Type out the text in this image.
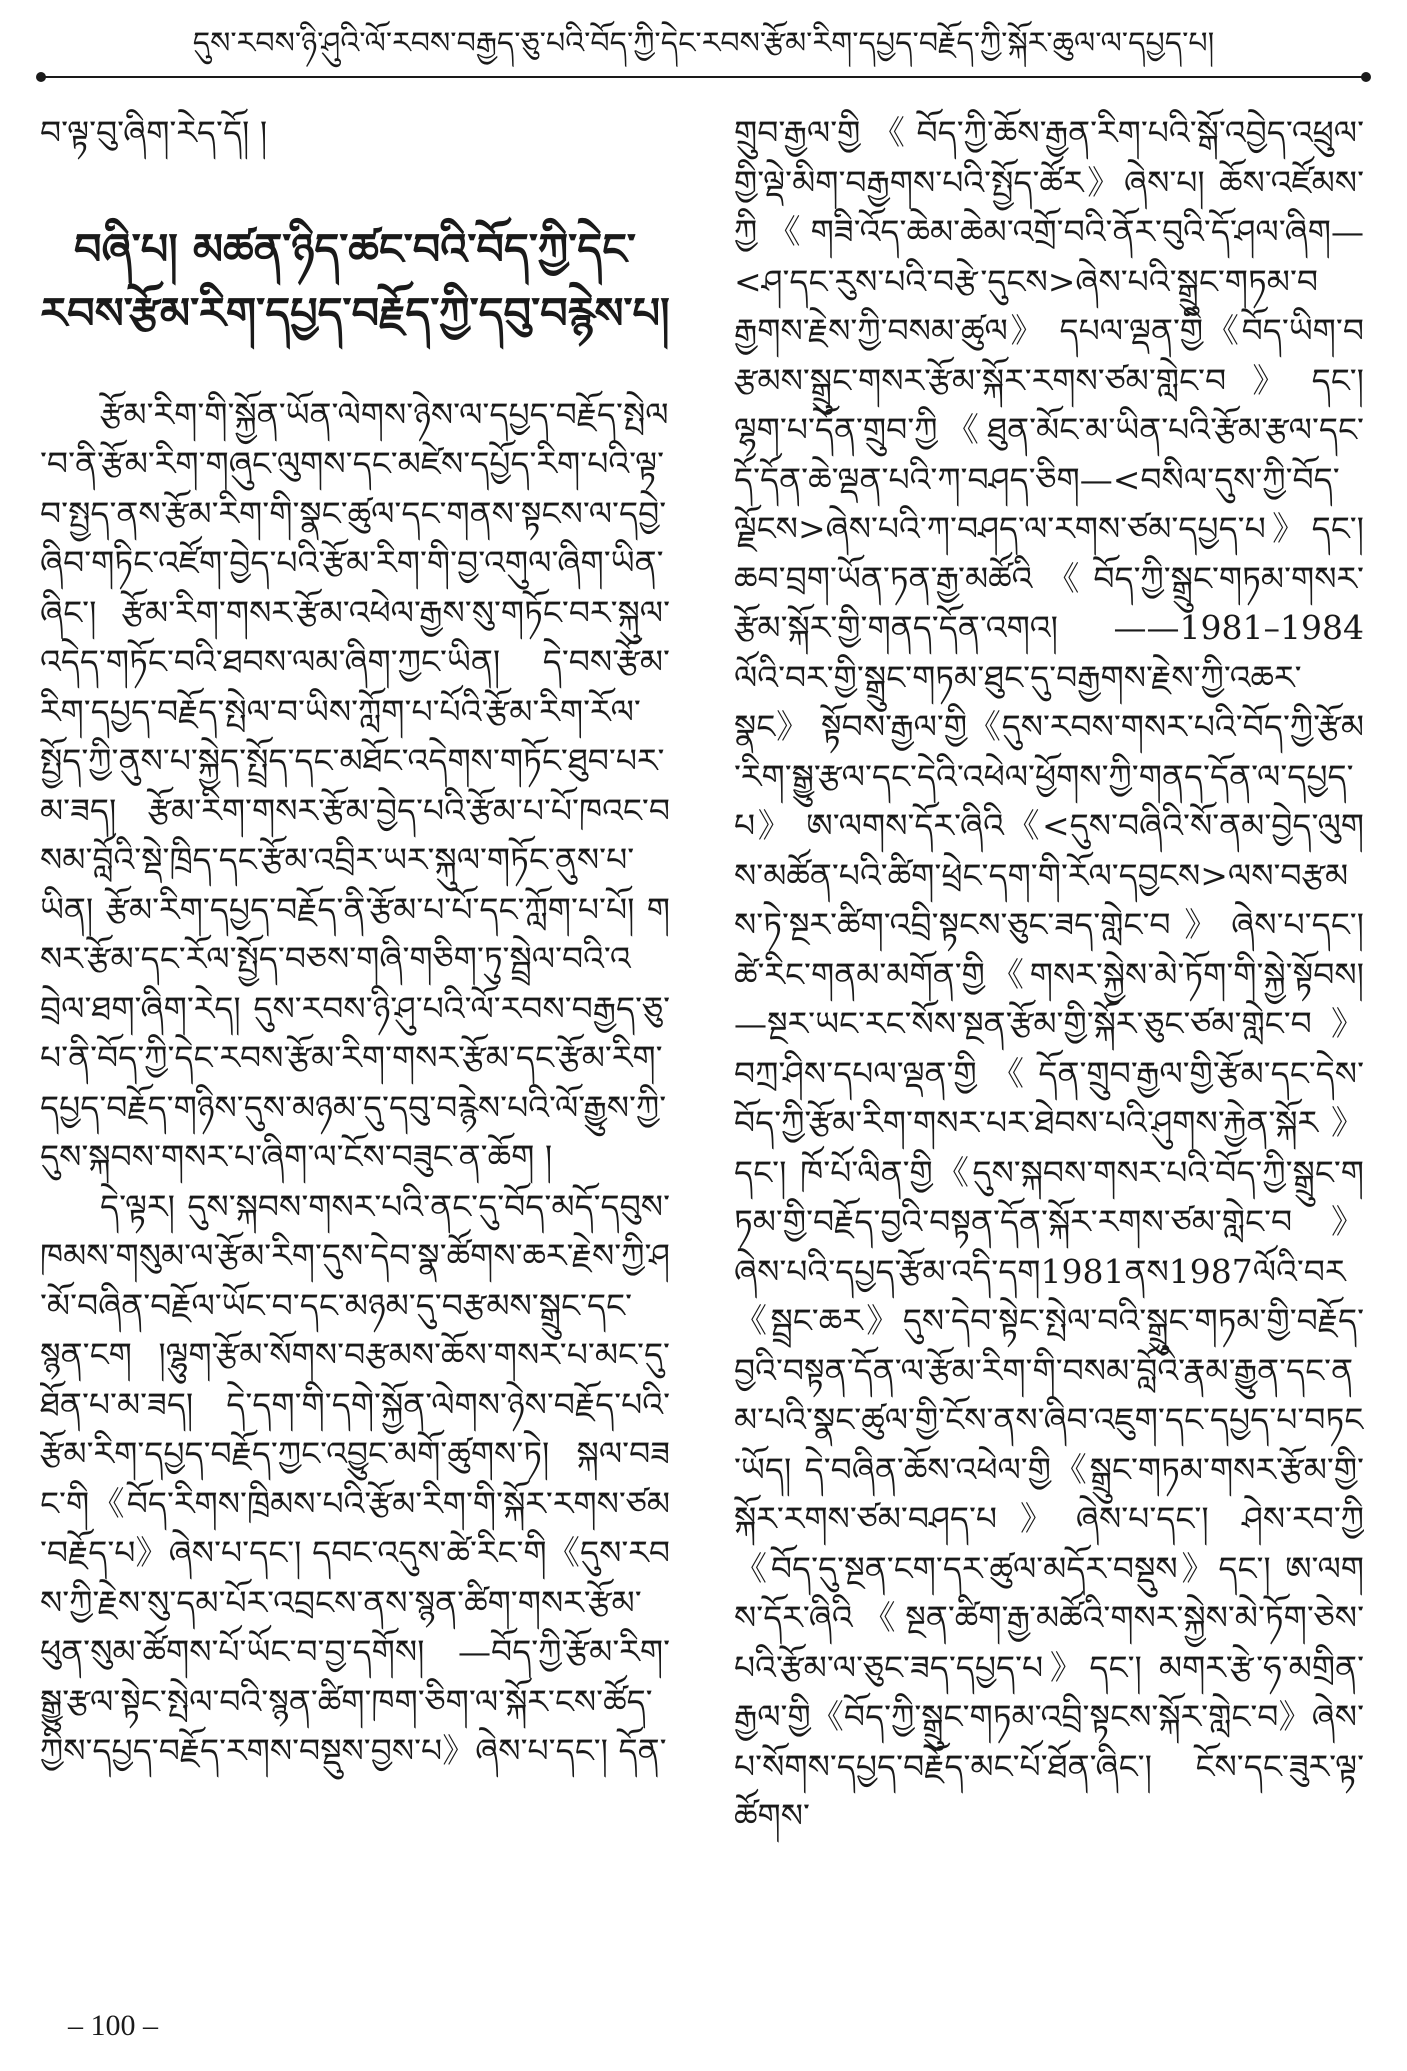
དུས་རབས་ཉི་ཤུའི་ལོ་རབས་བརྒྱད་ཅུ་པའི་བོད་ཀྱི་དེང་རབས་རྩོམ་རིག་དཔྱད་བརྗོད་ཀྱི་སྐོར་ཆུལ་ལ་དཔྱད་པ།

བ་ལྟ་བུ་ཞིག་རེད་དོ། །

བཞི་པ། མཚན་ཉིད་ཚང་བའི་བོད་ཀྱི་དེང་རབས་རྩོམ་རིག་དཔྱད་བརྗོད་ཀྱི་དབུ་བརྙེས་པ།

རྩོམ་རིག་གི་སྐྱོན་ཡོན་ལེགས་ཉེས་ལ་དཔྱད་བརྗོད་སྤེལ་བ་ནི་རྩོམ་རིག་གཞུང་ལུགས་དང་མཛེས་དཔྱོད་རིག་པའི་ལྟ་བ་སྤྱད་ནས་རྩོམ་རིག་གི་སྣང་ཚུལ་དང་གནས་སྟངས་ལ་དབྱེ་ཞིབ་གཏིང་འཛོག་བྱེད་པའི་རྩོམ་རིག་གི་བྱ་འགུལ་ཞིག་ཡིན་ཞིང་། རྩོམ་རིག་གསར་རྩོམ་འཕེལ་རྒྱས་སུ་གཏོང་བར་སྐུལ་འདེད་གཏོང་བའི་ཐབས་ལམ་ཞིག་ཀྱང་ཡིན། དེ་བས་རྩོམ་རིག་དཔྱད་བརྗོད་སྤེལ་བ་ཡིས་ཀློག་པ་པོའི་རྩོམ་རིག་རོལ་སྤྱོད་ཀྱི་ནུས་པ་སྐྱེད་སྤྲོད་དང་མཐོང་འདེགས་གཏོང་ཐུབ་པར་མ་ཟད། རྩོམ་རིག་གསར་རྩོམ་བྱེད་པའི་རྩོམ་པ་པོ་ཁའང་བསམ་བློའི་སྡེ་ཁྲིད་དང་རྩོམ་འབྲིར་ཡར་སྐུལ་གཏོང་ནུས་པ་ཡིན། རྩོམ་རིག་དཔྱད་བརྗོད་ནི་རྩོམ་པ་པོ་དང་ཀློག་པ་པོ། གསར་རྩོམ་དང་རོལ་སྤྱོད་བཅས་གཞི་གཅིག་ཏུ་སྦྲེལ་བའི་འབྲེལ་ཐག་ཞིག་རེད། དུས་རབས་ཉི་ཤུ་པའི་ལོ་རབས་བརྒྱད་ཅུ་པ་ནི་བོད་ཀྱི་དེང་རབས་རྩོམ་རིག་གསར་རྩོམ་དང་རྩོམ་རིག་དཔྱད་བརྗོད་གཉིས་དུས་མཉམ་དུ་དབུ་བརྙེས་པའི་ལོ་རྒྱུས་ཀྱི་དུས་སྐབས་གསར་པ་ཞིག་ལ་ངོས་བཟུང་ན་ཆོག །

དེ་ལྟར། དུས་སྐབས་གསར་པའི་ནང་དུ་བོད་མདོ་དབུས་ཁམས་གསུམ་ལ་རྩོམ་རིག་དུས་དེབ་སྣ་ཚོགས་ཆར་རྗེས་ཀྱི་ཤ་མོ་བཞིན་བརྗོལ་ཡོང་བ་དང་མཉམ་དུ་བརྩམས་སྒྲུང་དང་སྙན་ངག །ལྷུག་རྩོམ་སོགས་བརྩམས་ཆོས་གསར་པ་མང་དུ་ཐོན་པ་མ་ཟད། དེ་དག་གི་དགེ་སྐྱོན་ལེགས་ཉེས་བརྗོད་པའི་རྩོམ་རིག་དཔྱད་བརྗོད་ཀྱང་འབྱུང་མགོ་ཚུགས་ཏེ། སྐལ་བཟང་གི《བོད་རིགས་ཁྲིམས་པའི་རྩོམ་རིག་གི་སྐོར་རགས་ཙམ་བརྗོད་པ》ཞེས་པ་དང་། དབང་འདུས་ཚེ་རིང་གི《དུས་རབས་ཀྱི་རྗེས་སུ་དམ་པོར་འབྲངས་ནས་སྙན་ཚིག་གསར་རྩོམ་ཕུན་སུམ་ཚོགས་པོ་ཡོང་བ་བྱ་དགོས། —བོད་ཀྱི་རྩོམ་རིག་སྒྱུ་རྩལ་སྟེང་སྤེལ་བའི་སྙན་ཚིག་ཁག་ཅིག་ལ་སྐོར་ངས་ཚོད་ཀྱིས་དཔྱད་བརྗོད་རགས་བསྡུས་བྱས་པ》ཞེས་པ་དང་། དོན་

གྲུབ་རྒྱལ་གྱི《བོད་ཀྱི་ཆོས་རྒྱན་རིག་པའི་སྒོ་འབྱེད་འཕྲུལ་གྱི་ལྡེ་མིག་བརྒྱགས་པའི་སྤྱོད་ཚོར》ཞེས་པ། ཆོས་འཛོམས་ཀྱི《གཟི་འོད་ཆེམ་ཆེམ་འགྲོ་བའི་ནོར་བུའི་དོ་ཤལ་ཞིག—<ཤ་དང་རུས་པའི་བརྩེ་དུངས>ཞེས་པའི་སྒྲུང་གཏམ་བརྒྱགས་རྗེས་ཀྱི་བསམ་ཚུལ》 དཔལ་ལྡན་གྱི《བོད་ཡིག་བརྩམས་སྒྲུང་གསར་རྩོམ་སྐོར་རགས་ཙམ་གླེང་བ》དང་། ལྷག་པ་དོན་གྲུབ་ཀྱི《ཐུན་མོང་མ་ཡིན་པའི་རྩོམ་རྩལ་དང་དོ་དོན་ཆེ་ལྡན་པའི་ཀ་བཤད་ཅིག—<བསིལ་དུས་ཀྱི་བོད་ལྗོངས>ཞེས་པའི་ཀ་བཤད་ལ་རགས་ཙམ་དཔྱད་པ》དང་། ཆབ་བྲག་ཡོན་ཏན་རྒྱ་མཚོའི《བོད་ཀྱི་སྒྲུང་གཏམ་གསར་རྩོམ་སྐོར་གྱི་གནད་དོན་འགའ། ——1981–1984ལོའི་བར་གྱི་སྒྲུང་གཏམ་ཐུང་དུ་བརྒྱགས་རྗེས་ཀྱི་འཆར་སྣང》 སྟོབས་རྒྱལ་གྱི《དུས་རབས་གསར་པའི་བོད་ཀྱི་རྩོམ་རིག་སྒྱུ་རྩལ་དང་དེའི་འཕེལ་ཕྱོགས་ཀྱི་གནད་དོན་ལ་དཔྱད་པ》 ཨ་ལགས་དོར་ཞིའི《<དུས་བཞིའི་སོ་ནམ་བྱེད་ལུགས་མཚོན་པའི་ཚིག་ཕྲེང་དག་གི་རོལ་དབྱངས>ལས་བརྩམས་ཏེ་སྔར་ཚིག་འབྲི་སྟངས་ཅུང་ཟད་གླེང་བ》ཞེས་པ་དང་། ཚེ་རིང་གནམ་མགོན་གྱི《གསར་སྐྱེས་མེ་ཏོག་གི་སྐྱེ་སྟོབས། —སྔར་ཡང་རང་སོས་སྔན་རྩོམ་གྱི་སྐོར་ཅུང་ཙམ་གླེང་བ》 བཀྲ་ཤིས་དཔལ་ལྡན་གྱི《དོན་གྲུབ་རྒྱལ་གྱི་རྩོམ་དང་དེས་བོད་ཀྱི་རྩོམ་རིག་གསར་པར་ཐེབས་པའི་ཤུགས་རྐྱེན་སྐོར》དང་། ཁོ་པོ་ལིན་གྱི《དུས་སྐབས་གསར་པའི་བོད་ཀྱི་སྒྲུང་གཏམ་གྱི་བརྗོད་བྱའི་བསྟན་དོན་སྐོར་རགས་ཙམ་གླེང་བ》ཞེས་པའི་དཔྱད་རྩོམ་འདི་དག1981ནས1987ལོའི་བར《སྦྲང་ཆར》དུས་དེབ་སྟེང་སྤེལ་བའི་སྒྲུང་གཏམ་གྱི་བརྗོད་བྱའི་བསྟན་དོན་ལ་རྩོམ་རིག་གི་བསམ་བློའི་རྣམ་རྒྱུན་དང་ནམ་པའི་སྣང་ཚུལ་གྱི་ངོས་ནས་ཞིབ་འཇུག་དང་དཔྱད་པ་བཏང་ཡོད། དེ་བཞིན་ཆོས་འཕེལ་གྱི《སྒྲུང་གཏམ་གསར་རྩོམ་གྱི་སྐོར་རགས་ཙམ་བཤད་པ》ཞེས་པ་དང་། ཤེས་རབ་ཀྱི《བོད་དུ་སྔན་ངག་དར་ཚུལ་མདོར་བསྡུས》དང་། ཨ་ལགས་དོར་ཞིའི《སྔན་ཚིག་རྒྱ་མཚོའི་གསར་སྐྱེས་མེ་ཏོག་ཅེས་པའི་རྩོམ་ལ་ཅུང་ཟད་དཔྱད་པ》དང་། མགར་རྩེ་ཧ་མགྲིན་རྒྱལ་གྱི《བོད་ཀྱི་སྒྲུང་གཏམ་འབྲི་སྟངས་སྐོར་གླེང་བ》ཞེས་པ་སོགས་དཔྱད་བརྗོད་མང་པོ་ཐོན་ཞིང་། ངོས་དང་ཟུར་ལྟ་ཚོགས་

– 100 –
